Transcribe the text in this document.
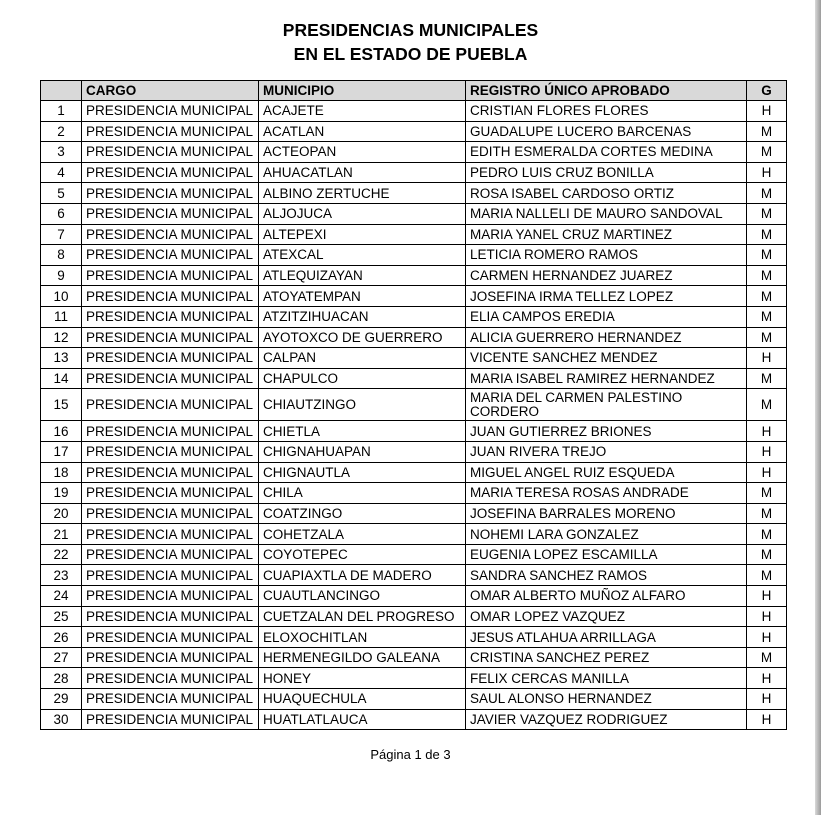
PRESIDENCIAS MUNICIPALES
EN EL ESTADO DE PUEBLA
	CARGO	MUNICIPIO	REGISTRO ÚNICO APROBADO	G
1	PRESIDENCIA MUNICIPAL	ACAJETE	CRISTIAN FLORES FLORES	H
2	PRESIDENCIA MUNICIPAL	ACATLAN	GUADALUPE LUCERO BARCENAS	M
3	PRESIDENCIA MUNICIPAL	ACTEOPAN	EDITH ESMERALDA CORTES MEDINA	M
4	PRESIDENCIA MUNICIPAL	AHUACATLAN	PEDRO LUIS CRUZ BONILLA	H
5	PRESIDENCIA MUNICIPAL	ALBINO ZERTUCHE	ROSA ISABEL CARDOSO ORTIZ	M
6	PRESIDENCIA MUNICIPAL	ALJOJUCA	MARIA NALLELI DE MAURO SANDOVAL	M
7	PRESIDENCIA MUNICIPAL	ALTEPEXI	MARIA YANEL CRUZ MARTINEZ	M
8	PRESIDENCIA MUNICIPAL	ATEXCAL	LETICIA ROMERO RAMOS	M
9	PRESIDENCIA MUNICIPAL	ATLEQUIZAYAN	CARMEN HERNANDEZ JUAREZ	M
10	PRESIDENCIA MUNICIPAL	ATOYATEMPAN	JOSEFINA IRMA TELLEZ LOPEZ	M
11	PRESIDENCIA MUNICIPAL	ATZITZIHUACAN	ELIA CAMPOS EREDIA	M
12	PRESIDENCIA MUNICIPAL	AYOTOXCO DE GUERRERO	ALICIA GUERRERO HERNANDEZ	M
13	PRESIDENCIA MUNICIPAL	CALPAN	VICENTE SANCHEZ MENDEZ	H
14	PRESIDENCIA MUNICIPAL	CHAPULCO	MARIA ISABEL RAMIREZ HERNANDEZ	M
15	PRESIDENCIA MUNICIPAL	CHIAUTZINGO	MARIA DEL CARMEN PALESTINO CORDERO	M
16	PRESIDENCIA MUNICIPAL	CHIETLA	JUAN GUTIERREZ BRIONES	H
17	PRESIDENCIA MUNICIPAL	CHIGNAHUAPAN	JUAN RIVERA TREJO	H
18	PRESIDENCIA MUNICIPAL	CHIGNAUTLA	MIGUEL ANGEL RUIZ ESQUEDA	H
19	PRESIDENCIA MUNICIPAL	CHILA	MARIA TERESA ROSAS ANDRADE	M
20	PRESIDENCIA MUNICIPAL	COATZINGO	JOSEFINA BARRALES MORENO	M
21	PRESIDENCIA MUNICIPAL	COHETZALA	NOHEMI LARA GONZALEZ	M
22	PRESIDENCIA MUNICIPAL	COYOTEPEC	EUGENIA LOPEZ ESCAMILLA	M
23	PRESIDENCIA MUNICIPAL	CUAPIAXTLA DE MADERO	SANDRA SANCHEZ RAMOS	M
24	PRESIDENCIA MUNICIPAL	CUAUTLANCINGO	OMAR ALBERTO MUÑOZ ALFARO	H
25	PRESIDENCIA MUNICIPAL	CUETZALAN DEL PROGRESO	OMAR LOPEZ VAZQUEZ	H
26	PRESIDENCIA MUNICIPAL	ELOXOCHITLAN	JESUS ATLAHUA ARRILLAGA	H
27	PRESIDENCIA MUNICIPAL	HERMENEGILDO GALEANA	CRISTINA SANCHEZ PEREZ	M
28	PRESIDENCIA MUNICIPAL	HONEY	FELIX CERCAS MANILLA	H
29	PRESIDENCIA MUNICIPAL	HUAQUECHULA	SAUL ALONSO HERNANDEZ	H
30	PRESIDENCIA MUNICIPAL	HUATLATLAUCA	JAVIER VAZQUEZ RODRIGUEZ	H
Página 1 de 3
